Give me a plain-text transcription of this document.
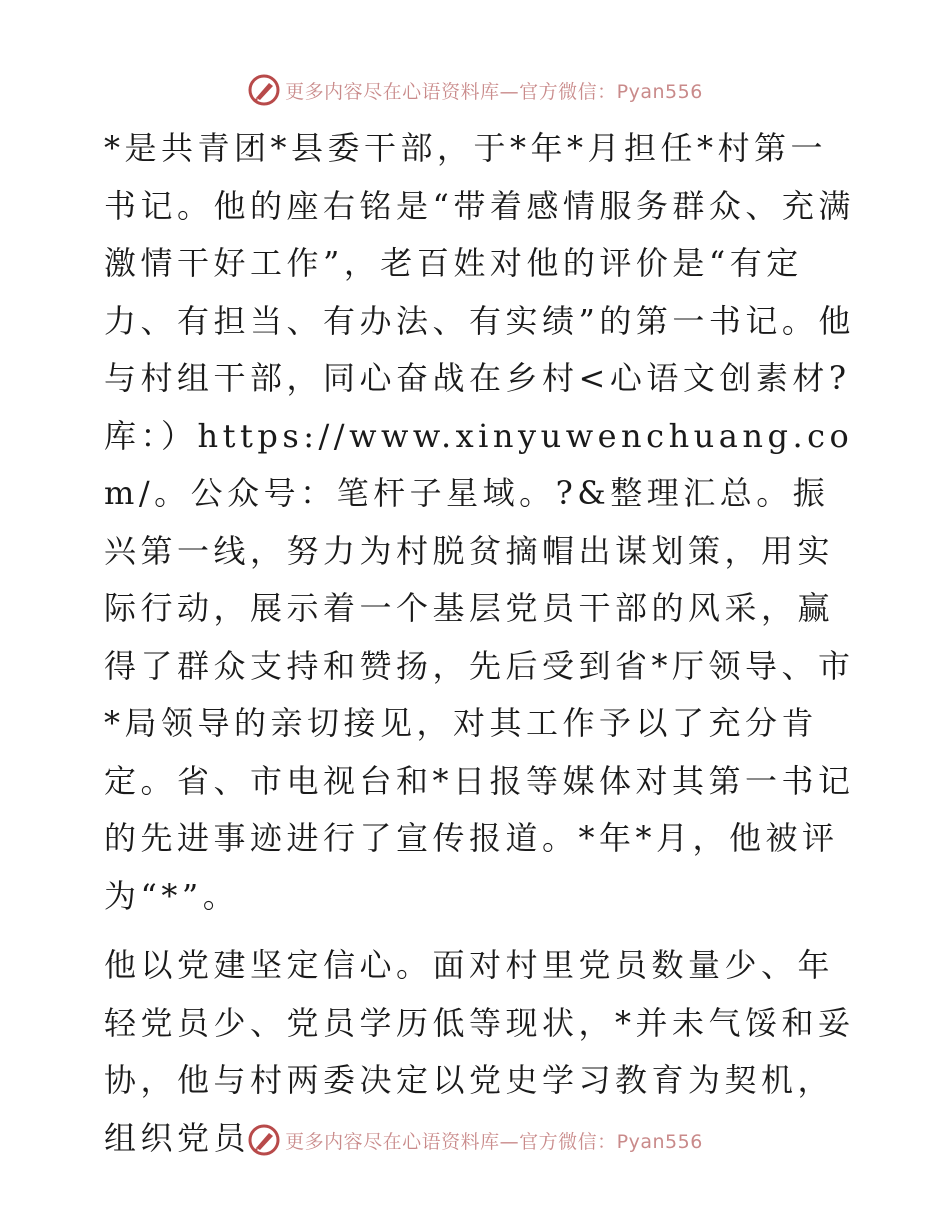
更多内容尽在心语资料库—官方微信：Pyan556

*是共青团*县委干部，于*年*月担任*村第一书记。他的座右铭是“带着感情服务群众、充满激情干好工作”，老百姓对他的评价是“有定力、有担当、有办法、有实绩”的第一书记。他与村组干部，同心奋战在乡村<心语文创素材?库：）https://www.xinyuwenchuang.com/。公众号：笔杆子星域。?&整理汇总。振兴第一线，努力为村脱贫摘帽出谋划策，用实际行动，展示着一个基层党员干部的风采，赢得了群众支持和赞扬，先后受到省*厅领导、市*局领导的亲切接见，对其工作予以了充分肯定。省、市电视台和*日报等媒体对其第一书记的先进事迹进行了宣传报道。*年*月，他被评为“*”。

他以党建坚定信心。面对村里党员数量少、年轻党员少、党员学历低等现状，*并未气馁和妥协，他与村两委决定以党史学习教育为契机，组织党员	更多内容尽在心语资料库—官方微信：Pyan556
